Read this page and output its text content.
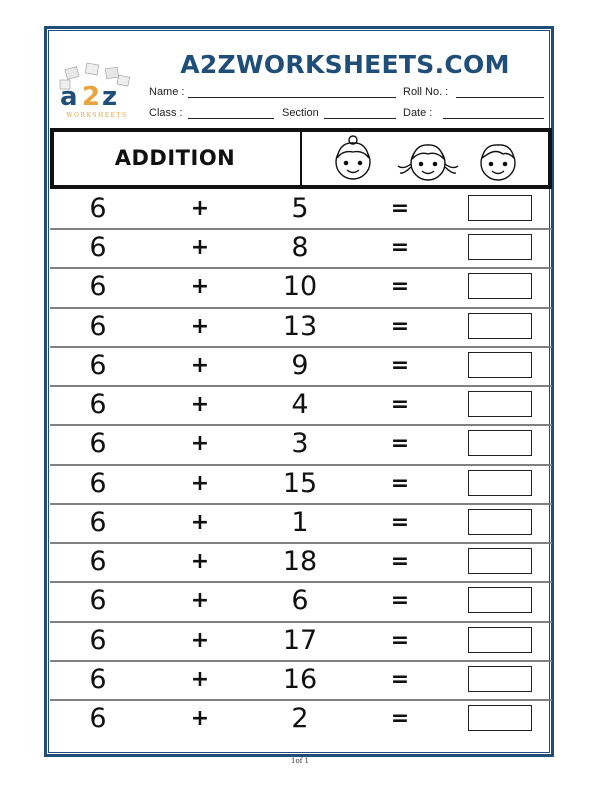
a 2 z
WORKSHEETS
A2ZWORKSHEETS.COM
Name :	Roll No. :
Class :	Section	Date :
ADDITION
6	+	5	=
6	+	8	=
6	+	10	=
6	+	13	=
6	+	9	=
6	+	4	=
6	+	3	=
6	+	15	=
6	+	1	=
6	+	18	=
6	+	6	=
6	+	17	=
6	+	16	=
6	+	2	=
1of 1
